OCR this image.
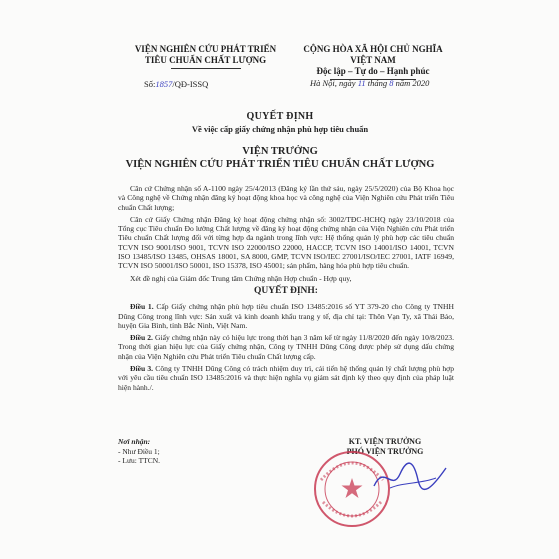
VIỆN NGHIÊN CỨU PHÁT TRIỂN
TIÊU CHUẨN CHẤT LƯỢNG
CỘNG HÒA XÃ HỘI CHỦ NGHĨA VIỆT NAM
Độc lập – Tự do – Hạnh phúc
Số:1857/QĐ-ISSQ	Hà Nội, ngày 11 tháng 8 năm 2020
QUYẾT ĐỊNH
Về việc cấp giấy chứng nhận phù hợp tiêu chuẩn
VIỆN TRƯỞNG
VIỆN NGHIÊN CỨU PHÁT TRIỂN TIÊU CHUẨN CHẤT LƯỢNG

Căn cứ Chứng nhận số A-1100 ngày 25/4/2013 (Đăng ký lần thứ sáu, ngày 25/5/2020) của Bộ Khoa học và Công nghệ về Chứng nhận đăng ký hoạt động khoa học và công nghệ của Viện Nghiên cứu Phát triển Tiêu chuẩn Chất lượng;

Căn cứ Giấy Chứng nhận Đăng ký hoạt động chứng nhận số: 3002/TĐC-HCHQ ngày 23/10/2018 của Tổng cục Tiêu chuẩn Đo lường Chất lượng về đăng ký hoạt động chứng nhận của Viện Nghiên cứu Phát triển Tiêu chuẩn Chất lượng đối với từng hợp đa ngành trong lĩnh vực: Hệ thống quản lý phù hợp các tiêu chuẩn TCVN ISO 9001/ISO 9001, TCVN ISO 22000/ISO 22000, HACCP, TCVN ISO 14001/ISO 14001, TCVN ISO 13485/ISO 13485, OHSAS 18001, SA 8000, GMP, TCVN ISO/IEC 27001/ISO/IEC 27001, IATF 16949, TCVN ISO 50001/ISO 50001, ISO 15378, ISO 45001; sản phẩm, hàng hóa phù hợp tiêu chuẩn.

Xét đề nghị của Giám đốc Trung tâm Chứng nhận Hợp chuẩn - Hợp quy,

QUYẾT ĐỊNH:

Điều 1. Cấp Giấy chứng nhận phù hợp tiêu chuẩn ISO 13485:2016 số YT 379-20 cho Công ty TNHH Dũng Công trong lĩnh vực: Sản xuất và kinh doanh khẩu trang y tế, địa chỉ tại: Thôn Vạn Ty, xã Thái Bảo, huyện Gia Bình, tỉnh Bắc Ninh, Việt Nam.

Điều 2. Giấy chứng nhận này có hiệu lực trong thời hạn 3 năm kể từ ngày 11/8/2020 đến ngày 10/8/2023. Trong thời gian hiệu lực của Giấy chứng nhận, Công ty TNHH Dũng Công được phép sử dụng dấu chứng nhận của Viện Nghiên cứu Phát triển Tiêu chuẩn Chất lượng cấp.

Điều 3. Công ty TNHH Dũng Công có trách nhiệm duy trì, cải tiến hệ thống quản lý chất lượng phù hợp với yêu cầu tiêu chuẩn ISO 13485:2016 và thực hiện nghĩa vụ giám sát định kỳ theo quy định của pháp luật hiện hành./.

Nơi nhận:
- Như Điều 1;
- Lưu: TTCN.
KT. VIỆN TRƯỞNG
PHÓ VIỆN TRƯỞNG
